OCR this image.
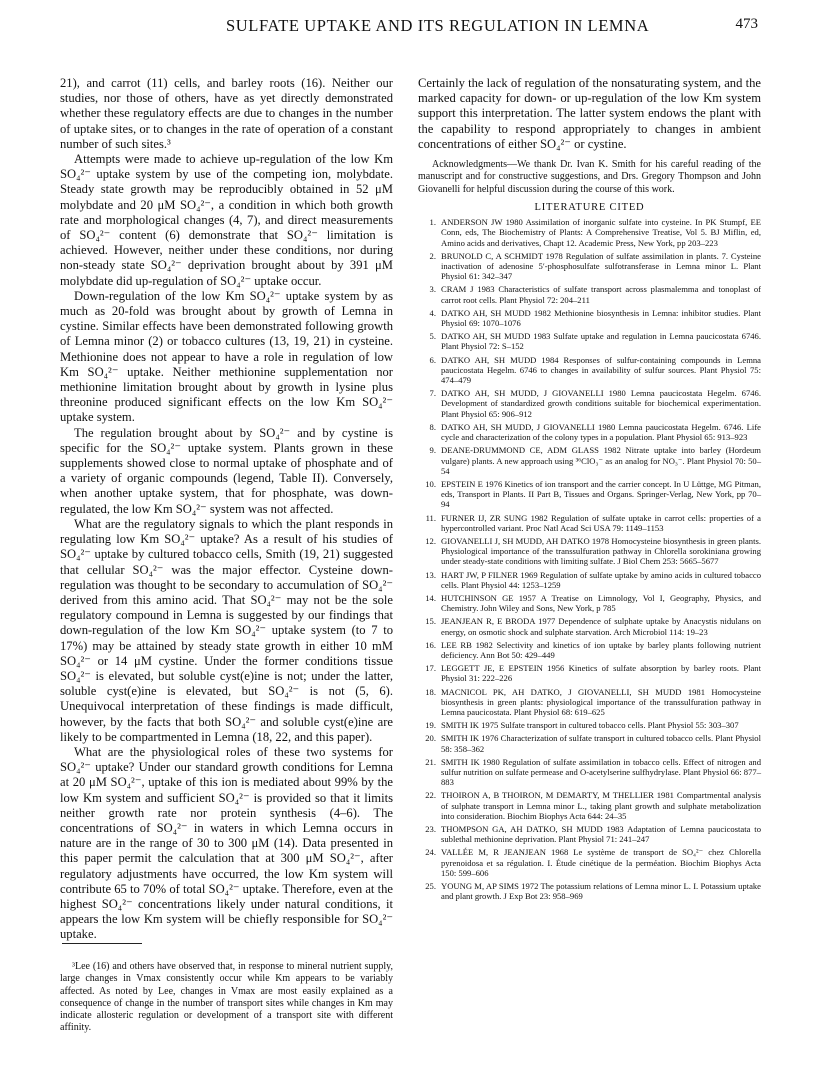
SULFATE UPTAKE AND ITS REGULATION IN LEMNA	473

21), and carrot (11) cells, and barley roots (16). Neither our studies, nor those of others, have as yet directly demonstrated whether these regulatory effects are due to changes in the number of uptake sites, or to changes in the rate of operation of a constant number of such sites.³

Attempts were made to achieve up-regulation of the low Km SO₄²⁻ uptake system by use of the competing ion, molybdate. Steady state growth may be reproducibly obtained in 52 μM molybdate and 20 μM SO₄²⁻, a condition in which both growth rate and morphological changes (4, 7), and direct measurements of SO₄²⁻ content (6) demonstrate that SO₄²⁻ limitation is achieved. However, neither under these conditions, nor during non-steady state SO₄²⁻ deprivation brought about by 391 μM molybdate did up-regulation of SO₄²⁻ uptake occur.

Down-regulation of the low Km SO₄²⁻ uptake system by as much as 20-fold was brought about by growth of Lemna in cystine. Similar effects have been demonstrated following growth of Lemna minor (2) or tobacco cultures (13, 19, 21) in cysteine. Methionine does not appear to have a role in regulation of low Km SO₄²⁻ uptake. Neither methionine supplementation nor methionine limitation brought about by growth in lysine plus threonine produced significant effects on the low Km SO₄²⁻ uptake system.

The regulation brought about by SO₄²⁻ and by cystine is specific for the SO₄²⁻ uptake system. Plants grown in these supplements showed close to normal uptake of phosphate and of a variety of organic compounds (legend, Table II). Conversely, when another uptake system, that for phosphate, was down-regulated, the low Km SO₄²⁻ system was not affected.

What are the regulatory signals to which the plant responds in regulating low Km SO₄²⁻ uptake? As a result of his studies of SO₄²⁻ uptake by cultured tobacco cells, Smith (19, 21) suggested that cellular SO₄²⁻ was the major effector. Cysteine down-regulation was thought to be secondary to accumulation of SO₄²⁻ derived from this amino acid. That SO₄²⁻ may not be the sole regulatory compound in Lemna is suggested by our findings that down-regulation of the low Km SO₄²⁻ uptake system (to 7 to 17%) may be attained by steady state growth in either 10 mM SO₄²⁻ or 14 μM cystine. Under the former conditions tissue SO₄²⁻ is elevated, but soluble cyst(e)ine is not; under the latter, soluble cyst(e)ine is elevated, but SO₄²⁻ is not (5, 6). Unequivocal interpretation of these findings is made difficult, however, by the facts that both SO₄²⁻ and soluble cyst(e)ine are likely to be compartmented in Lemna (18, 22, and this paper).

What are the physiological roles of these two systems for SO₄²⁻ uptake? Under our standard growth conditions for Lemna at 20 μM SO₄²⁻, uptake of this ion is mediated about 99% by the low Km system and sufficient SO₄²⁻ is provided so that it limits neither growth rate nor protein synthesis (4–6). The concentrations of SO₄²⁻ in waters in which Lemna occurs in nature are in the range of 30 to 300 μM (14). Data presented in this paper permit the calculation that at 300 μM SO₄²⁻, after regulatory adjustments have occurred, the low Km system will contribute 65 to 70% of total SO₄²⁻ uptake. Therefore, even at the highest SO₄²⁻ concentrations likely under natural conditions, it appears the low Km system will be chiefly responsible for SO₄²⁻ uptake.

³Lee (16) and others have observed that, in response to mineral nutrient supply, large changes in Vmax consistently occur while Km appears to be variably affected. As noted by Lee, changes in Vmax are most easily explained as a consequence of change in the number of transport sites while changes in Km may indicate allosteric regulation or development of a transport site with different affinity.

Certainly the lack of regulation of the nonsaturating system, and the marked capacity for down- or up-regulation of the low Km system support this interpretation. The latter system endows the plant with the capability to respond appropriately to changes in ambient concentrations of either SO₄²⁻ or cystine.

Acknowledgments—We thank Dr. Ivan K. Smith for his careful reading of the manuscript and for constructive suggestions, and Drs. Gregory Thompson and John Giovanelli for helpful discussion during the course of this work.

LITERATURE CITED
1. ANDERSON JW 1980 Assimilation of inorganic sulfate into cysteine. In PK Stumpf, EE Conn, eds, The Biochemistry of Plants: A Comprehensive Treatise, Vol 5. BJ Miflin, ed, Amino acids and derivatives, Chapt 12. Academic Press, New York, pp 203–223
2. BRUNOLD C, A SCHMIDT 1978 Regulation of sulfate assimilation in plants. 7. Cysteine inactivation of adenosine 5′-phosphosulfate sulfotransferase in Lemna minor L. Plant Physiol 61: 342–347
3. CRAM J 1983 Characteristics of sulfate transport across plasmalemma and tonoplast of carrot root cells. Plant Physiol 72: 204–211
4. DATKO AH, SH MUDD 1982 Methionine biosynthesis in Lemna: inhibitor studies. Plant Physiol 69: 1070–1076
5. DATKO AH, SH MUDD 1983 Sulfate uptake and regulation in Lemna paucicostata 6746. Plant Physiol 72: S–152
6. DATKO AH, SH MUDD 1984 Responses of sulfur-containing compounds in Lemna paucicostata Hegelm. 6746 to changes in availability of sulfur sources. Plant Physiol 75: 474–479
7. DATKO AH, SH MUDD, J GIOVANELLI 1980 Lemna paucicostata Hegelm. 6746. Development of standardized growth conditions suitable for biochemical experimentation. Plant Physiol 65: 906–912
8. DATKO AH, SH MUDD, J GIOVANELLI 1980 Lemna paucicostata Hegelm. 6746. Life cycle and characterization of the colony types in a population. Plant Physiol 65: 913–923
9. DEANE-DRUMMOND CE, ADM GLASS 1982 Nitrate uptake into barley (Hordeum vulgare) plants. A new approach using ³⁶ClO₃⁻ as an analog for NO₃⁻. Plant Physiol 70: 50–54
10. EPSTEIN E 1976 Kinetics of ion transport and the carrier concept. In U Lüttge, MG Pitman, eds, Transport in Plants. II Part B, Tissues and Organs. Springer-Verlag, New York, pp 70–94
11. FURNER IJ, ZR SUNG 1982 Regulation of sulfate uptake in carrot cells: properties of a hypercontrolled variant. Proc Natl Acad Sci USA 79: 1149–1153
12. GIOVANELLI J, SH MUDD, AH DATKO 1978 Homocysteine biosynthesis in green plants. Physiological importance of the transsulfuration pathway in Chlorella sorokiniana growing under steady-state conditions with limiting sulfate. J Biol Chem 253: 5665–5677
13. HART JW, P FILNER 1969 Regulation of sulfate uptake by amino acids in cultured tobacco cells. Plant Physiol 44: 1253–1259
14. HUTCHINSON GE 1957 A Treatise on Limnology, Vol I, Geography, Physics, and Chemistry. John Wiley and Sons, New York, p 785
15. JEANJEAN R, E BRODA 1977 Dependence of sulphate uptake by Anacystis nidulans on energy, on osmotic shock and sulphate starvation. Arch Microbiol 114: 19–23
16. LEE RB 1982 Selectivity and kinetics of ion uptake by barley plants following nutrient deficiency. Ann Bot 50: 429–449
17. LEGGETT JE, E EPSTEIN 1956 Kinetics of sulfate absorption by barley roots. Plant Physiol 31: 222–226
18. MACNICOL PK, AH DATKO, J GIOVANELLI, SH MUDD 1981 Homocysteine biosynthesis in green plants: physiological importance of the transsulfuration pathway in Lemna paucicostata. Plant Physiol 68: 619–625
19. SMITH IK 1975 Sulfate transport in cultured tobacco cells. Plant Physiol 55: 303–307
20. SMITH IK 1976 Characterization of sulfate transport in cultured tobacco cells. Plant Physiol 58: 358–362
21. SMITH IK 1980 Regulation of sulfate assimilation in tobacco cells. Effect of nitrogen and sulfur nutrition on sulfate permease and O-acetylserine sulfhydrylase. Plant Physiol 66: 877–883
22. THOIRON A, B THOIRON, M DEMARTY, M THELLIER 1981 Compartmental analysis of sulphate transport in Lemna minor L., taking plant growth and sulphate metabolization into consideration. Biochim Biophys Acta 644: 24–35
23. THOMPSON GA, AH DATKO, SH MUDD 1983 Adaptation of Lemna paucicostata to sublethal methionine deprivation. Plant Physiol 71: 241–247
24. VALLÉE M, R JEANJEAN 1968 Le système de transport de SO₄²⁻ chez Chlorella pyrenoidosa et sa régulation. I. Étude cinétique de la perméation. Biochim Biophys Acta 150: 599–606
25. YOUNG M, AP SIMS 1972 The potassium relations of Lemna minor L. I. Potassium uptake and plant growth. J Exp Bot 23: 958–969
